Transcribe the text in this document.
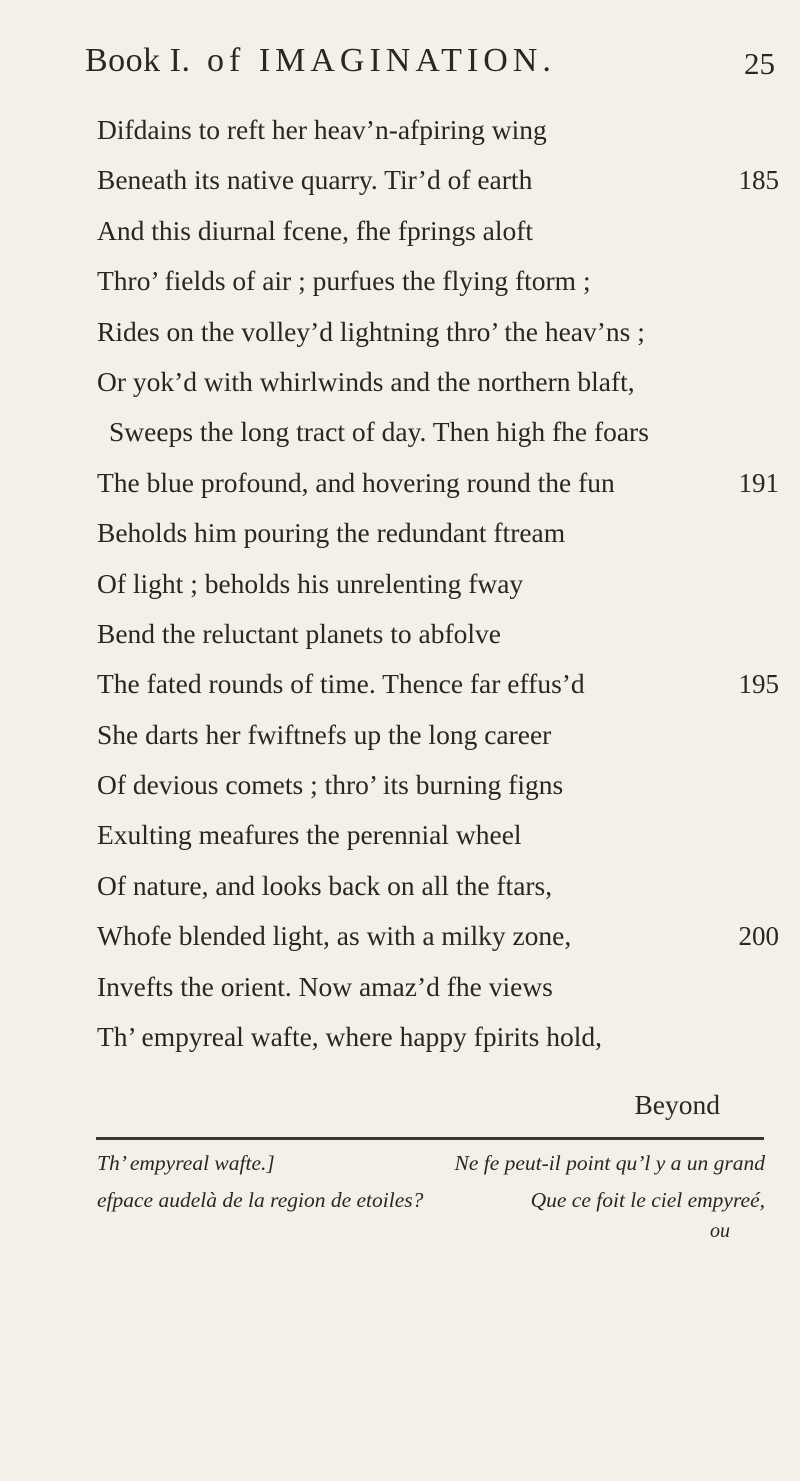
Book I. of IMAGINATION.	25
Difdains to reft her heav’n-afpiring wing
Beneath its native quarry. Tir’d of earth	185
And this diurnal fcene, fhe fprings aloft
Thro’ fields of air ; purfues the flying ftorm ;
Rides on the volley’d lightning thro’ the heav’ns ;
Or yok’d with whirlwinds and the northern blaft,
Sweeps the long tract of day. Then high fhe foars
The blue profound, and hovering round the fun	191
Beholds him pouring the redundant ftream
Of light ; beholds his unrelenting fway
Bend the reluctant planets to abfolve
The fated rounds of time. Thence far effus’d	195
She darts her fwiftnefs up the long career
Of devious comets ; thro’ its burning figns
Exulting meafures the perennial wheel
Of nature, and looks back on all the ftars,
Whofe blended light, as with a milky zone,	200
Invefts the orient. Now amaz’d fhe views
Th’ empyreal wafte, where happy fpirits hold,
Beyond
Th’ empyreal wafte.]	Ne fe peut-il point qu’l y a un grand
efpace audelà de la region de etoiles?	Que ce foit le ciel empyreé,
ou
